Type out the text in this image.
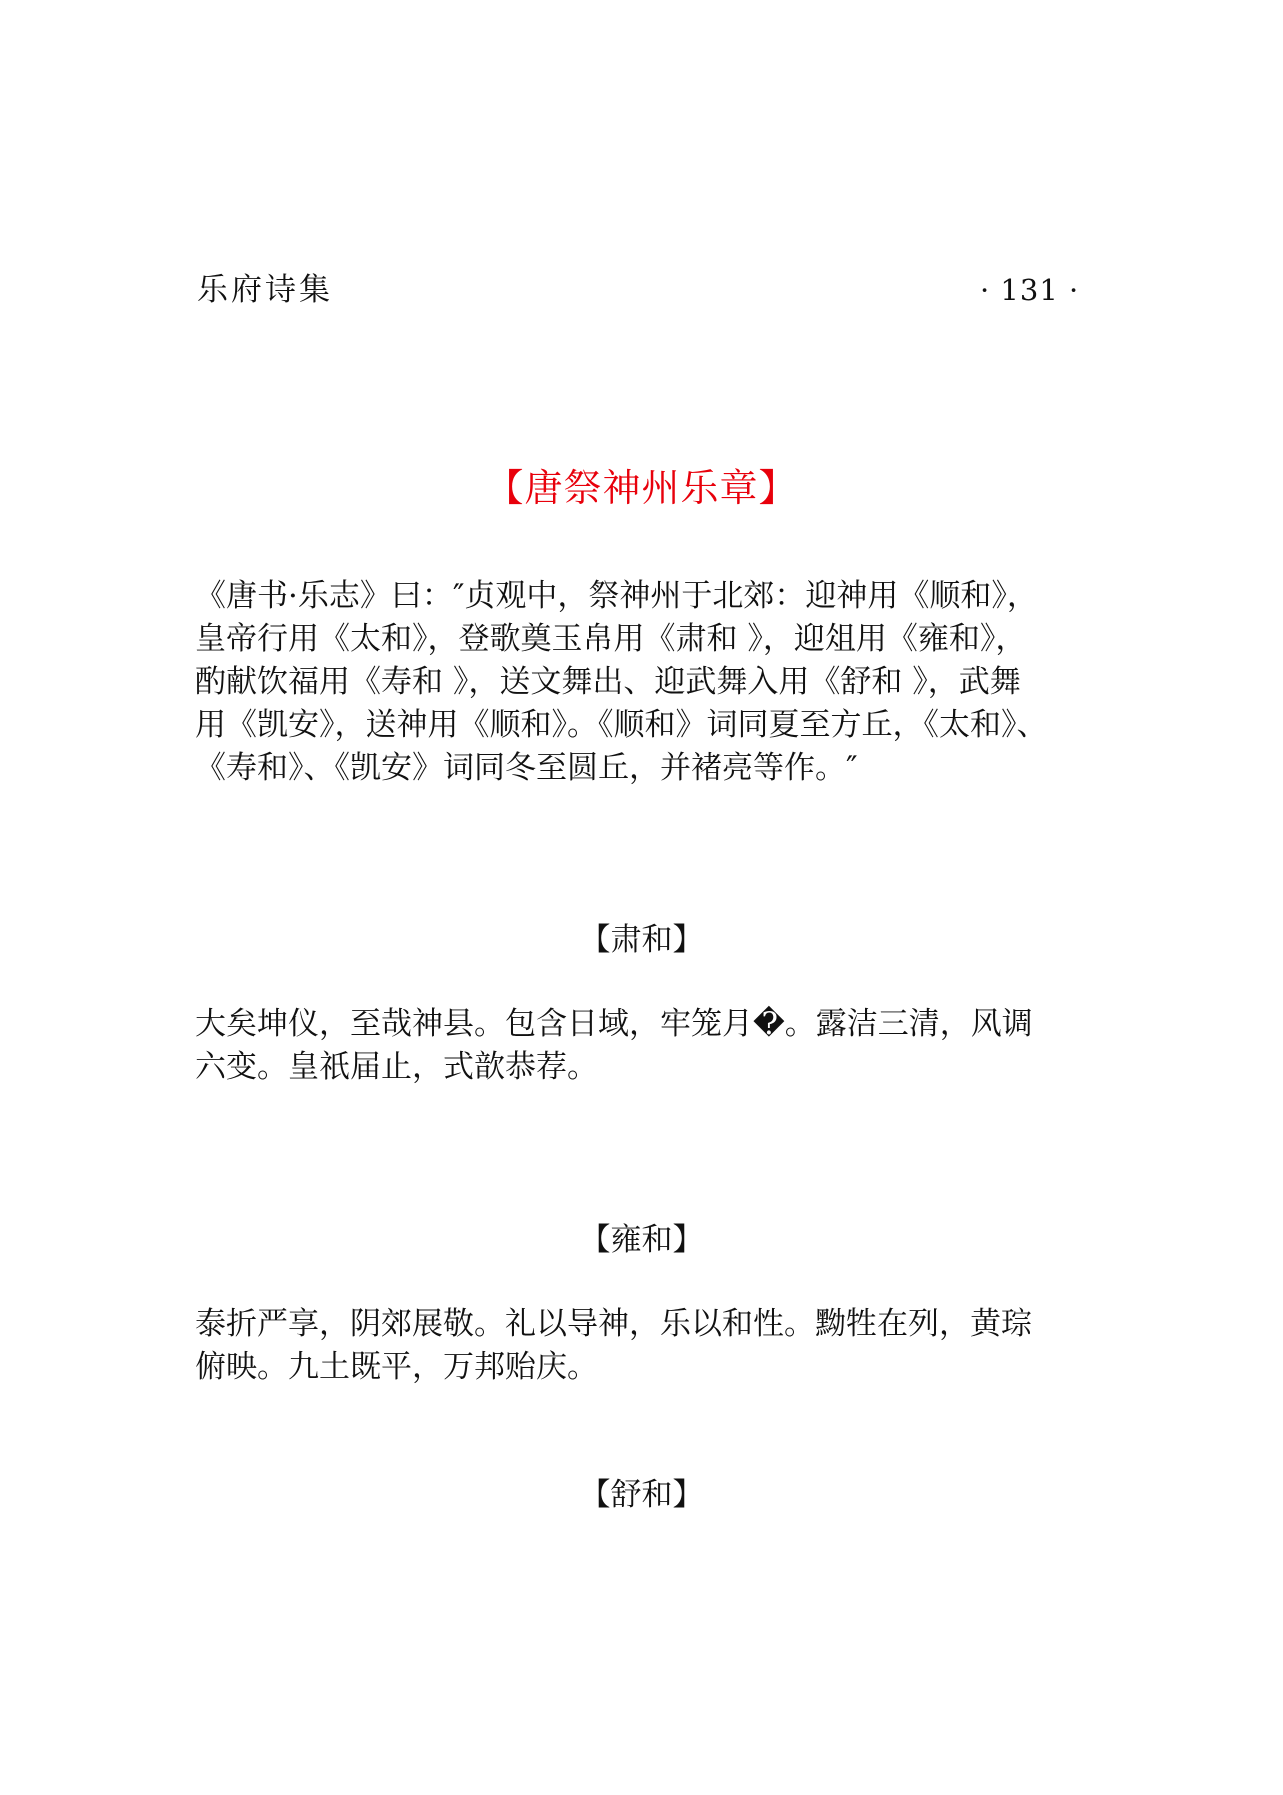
乐府诗集	· 131 ·
【唐祭神州乐章】
《唐书·乐志》曰：″贞观中，祭神州于北郊：迎神用《顺和》，
皇帝行用《太和》，登歌奠玉帛用《肃和 》，迎俎用《雍和》，
酌献饮福用《寿和 》，送文舞出、迎武舞入用《舒和 》，武舞
用《凯安》，送神用《顺和》。《顺和》词同夏至方丘，《太和》、
《寿和》、《凯安》词同冬至圆丘，并褚亮等作。″
【肃和】
大矣坤仪，至哉神县。包含日域，牢笼月�。露洁三清，风调
六变。皇祇届止，式歆恭荐。
【雍和】
泰折严享，阴郊展敬。礼以导神，乐以和性。黝牲在列，黄琮
俯映。九土既平，万邦贻庆。
【舒和】
